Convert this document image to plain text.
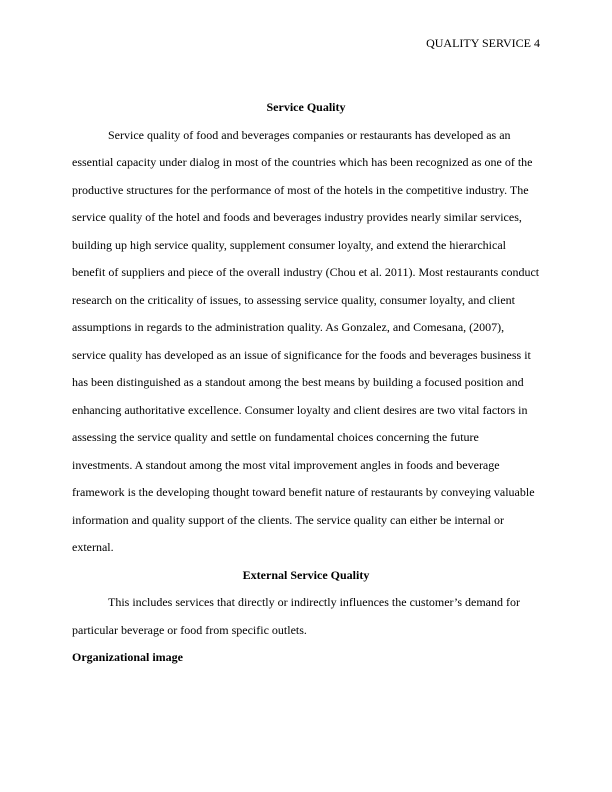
QUALITY SERVICE 4

Service Quality

Service quality of food and beverages companies or restaurants has developed as an
essential capacity under dialog in most of the countries which has been recognized as one of the
productive structures for the performance of most of the hotels in the competitive industry. The
service quality of the hotel and foods and beverages industry provides nearly similar services,
building up high service quality, supplement consumer loyalty, and extend the hierarchical
benefit of suppliers and piece of the overall industry (Chou et al. 2011). Most restaurants conduct
research on the criticality of issues, to assessing service quality, consumer loyalty, and client
assumptions in regards to the administration quality. As Gonzalez, and Comesana, (2007),
service quality has developed as an issue of significance for the foods and beverages business it
has been distinguished as a standout among the best means by building a focused position and
enhancing authoritative excellence. Consumer loyalty and client desires are two vital factors in
assessing the service quality and settle on fundamental choices concerning the future
investments. A standout among the most vital improvement angles in foods and beverage
framework is the developing thought toward benefit nature of restaurants by conveying valuable
information and quality support of the clients. The service quality can either be internal or
external.

External Service Quality

This includes services that directly or indirectly influences the customer’s demand for
particular beverage or food from specific outlets.

Organizational image
